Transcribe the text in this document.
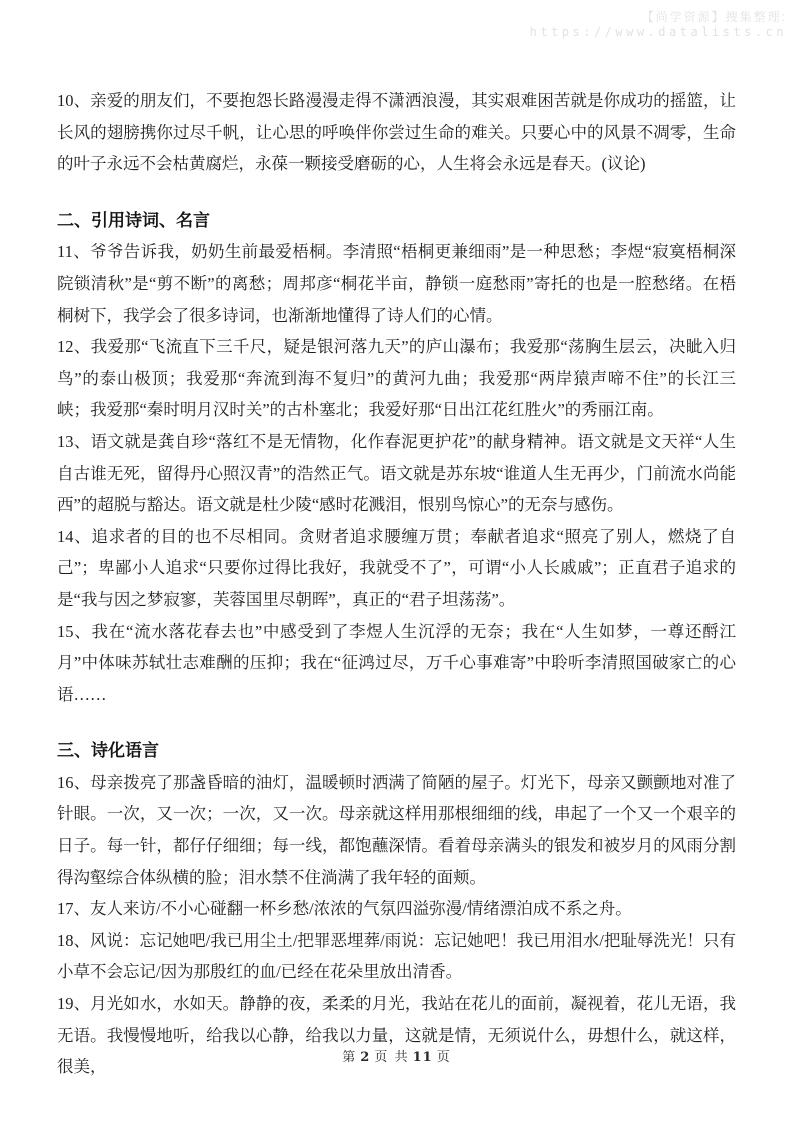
【尚学资源】搜集整理:
https://www.datalists.cn

10、亲爱的朋友们，不要抱怨长路漫漫走得不潇洒浪漫，其实艰难困苦就是你成功的摇篮，让长风的翅膀携你过尽千帆，让心思的呼唤伴你尝过生命的难关。只要心中的风景不凋零，生命的叶子永远不会枯黄腐烂，永葆一颗接受磨砺的心，人生将会永远是春天。(议论)

二、引用诗词、名言

11、爷爷告诉我，奶奶生前最爱梧桐。李清照“梧桐更兼细雨”是一种思愁；李煜“寂寞梧桐深院锁清秋”是“剪不断”的离愁；周邦彦“桐花半亩，静锁一庭愁雨”寄托的也是一腔愁绪。在梧桐树下，我学会了很多诗词，也渐渐地懂得了诗人们的心情。

12、我爱那“飞流直下三千尺，疑是银河落九天”的庐山瀑布；我爱那“荡胸生层云，决眦入归鸟”的泰山极顶；我爱那“奔流到海不复归”的黄河九曲；我爱那“两岸猿声啼不住”的长江三峡；我爱那“秦时明月汉时关”的古朴塞北；我爱好那“日出江花红胜火”的秀丽江南。

13、语文就是龚自珍“落红不是无情物，化作春泥更护花”的献身精神。语文就是文天祥“人生自古谁无死，留得丹心照汉青”的浩然正气。语文就是苏东坡“谁道人生无再少，门前流水尚能西”的超脱与豁达。语文就是杜少陵“感时花溅泪，恨别鸟惊心”的无奈与感伤。

14、追求者的目的也不尽相同。贪财者追求腰缠万贯；奉献者追求“照亮了别人，燃烧了自己”；卑鄙小人追求“只要你过得比我好，我就受不了”，可谓“小人长戚戚”；正直君子追求的是“我与因之梦寂寥，芙蓉国里尽朝晖”，真正的“君子坦荡荡”。

15、我在“流水落花春去也”中感受到了李煜人生沉浮的无奈；我在“人生如梦，一尊还酹江月”中体味苏轼壮志难酬的压抑；我在“征鸿过尽，万千心事难寄”中聆听李清照国破家亡的心语……

三、诗化语言

16、母亲拨亮了那盏昏暗的油灯，温暖顿时洒满了简陋的屋子。灯光下，母亲又颤颤地对准了针眼。一次，又一次；一次，又一次。母亲就这样用那根细细的线，串起了一个又一个艰辛的日子。每一针，都仔仔细细；每一线，都饱蘸深情。看着母亲满头的银发和被岁月的风雨分割得沟壑综合体纵横的脸；泪水禁不住淌满了我年轻的面颊。

17、友人来访/不小心碰翻一杯乡愁/浓浓的气氛四溢弥漫/情绪漂泊成不系之舟。

18、风说：忘记她吧/我已用尘土/把罪恶埋葬/雨说：忘记她吧！我已用泪水/把耻辱洗光！只有小草不会忘记/因为那殷红的血/已经在花朵里放出清香。

19、月光如水，水如天。静静的夜，柔柔的月光，我站在花儿的面前，凝视着，花儿无语，我无语。我慢慢地听，给我以心静，给我以力量，这就是情，无须说什么，毋想什么，就这样，很美，

第 2 页 共 11 页
